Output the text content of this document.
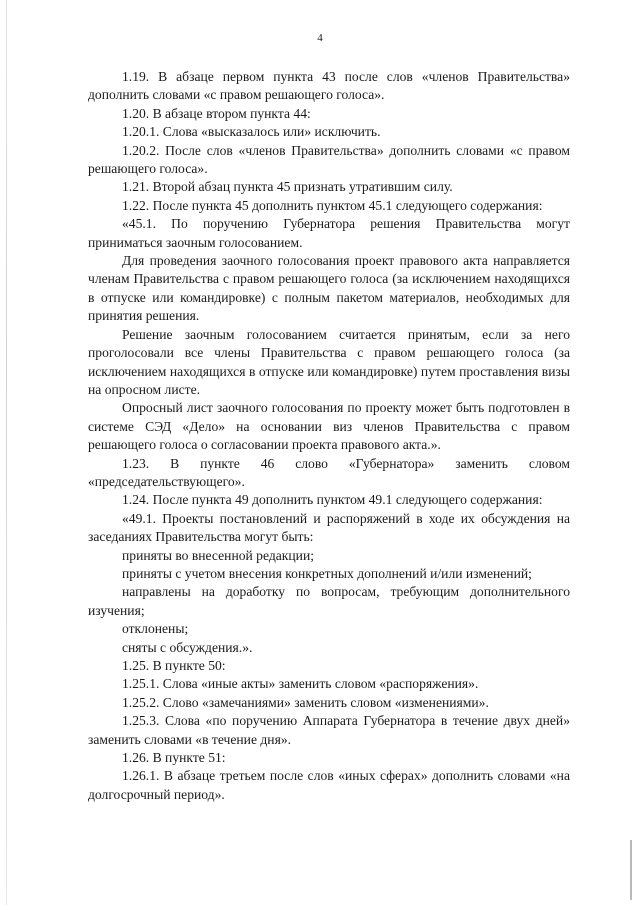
4

1.19. В абзаце первом пункта 43 после слов «членов Правительства» дополнить словами «с правом решающего голоса».

1.20. В абзаце втором пункта 44:

1.20.1. Слова «высказалось или» исключить.

1.20.2. После слов «членов Правительства» дополнить словами «с правом решающего голоса».

1.21. Второй абзац пункта 45 признать утратившим силу.

1.22. После пункта 45 дополнить пунктом 45.1 следующего содержания:

«45.1. По поручению Губернатора решения Правительства могут приниматься заочным голосованием.

Для проведения заочного голосования проект правового акта направляется членам Правительства с правом решающего голоса (за исключением находящихся в отпуске или командировке) с полным пакетом материалов, необходимых для принятия решения.

Решение заочным голосованием считается принятым, если за него проголосовали все члены Правительства с правом решающего голоса (за исключением находящихся в отпуске или командировке) путем проставления визы на опросном листе.

Опросный лист заочного голосования по проекту может быть подготовлен в системе СЭД «Дело» на основании виз членов Правительства с правом решающего голоса о согласовании проекта правового акта.».

1.23. В пункте 46 слово «Губернатора» заменить словом «председательствующего».

1.24. После пункта 49 дополнить пунктом 49.1 следующего содержания:

«49.1. Проекты постановлений и распоряжений в ходе их обсуждения на заседаниях Правительства могут быть:

приняты во внесенной редакции;

приняты с учетом внесения конкретных дополнений и/или изменений;

направлены на доработку по вопросам, требующим дополнительного изучения;

отклонены;

сняты с обсуждения.».

1.25. В пункте 50:

1.25.1. Слова «иные акты» заменить словом «распоряжения».

1.25.2. Слово «замечаниями» заменить словом «изменениями».

1.25.3. Слова «по поручению Аппарата Губернатора в течение двух дней» заменить словами «в течение дня».

1.26. В пункте 51:

1.26.1. В абзаце третьем после слов «иных сферах» дополнить словами «на долгосрочный период».
